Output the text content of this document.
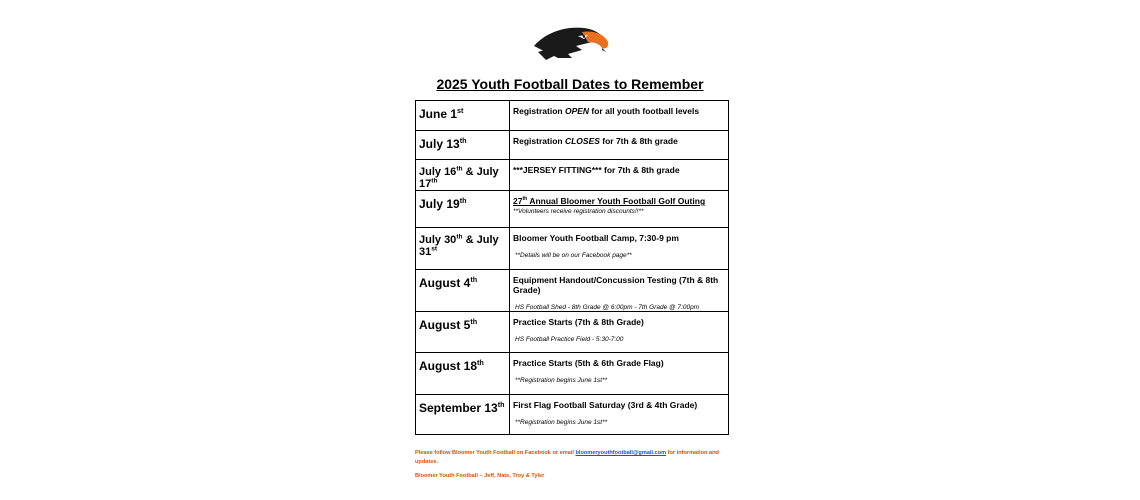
2025 Youth Football Dates to Remember
June 1st	Registration OPEN for all youth football levels
July 13th	Registration CLOSES for 7th & 8th grade
July 16th & July 17th	***JERSEY FITTING*** for 7th & 8th grade
July 19th	27th Annual Bloomer Youth Football Golf Outing
**Volunteers receive registration discounts!!**

July 30th & July 31st	Bloomer Youth Football Camp, 7:30-9 pm
**Details will be on our Facebook page**

August 4th	Equipment Handout/Concussion Testing (7th & 8th Grade)
HS Football Shed - 8th Grade @ 6:00pm - 7th Grade @ 7:00pm

August 5th	Practice Starts (7th & 8th Grade)
HS Football Practice Field - 5:30-7:00

August 18th	Practice Starts (5th & 6th Grade Flag)
**Registration begins June 1st**

September 13th	First Flag Football Saturday (3rd & 4th Grade)
**Registration begins June 1st**
Please follow Bloomer Youth Football on Facebook or email bloomeryouthfootball@gmail.com for information and updates.
Bloomer Youth Football – Jeff, Nate, Troy & Tyler
